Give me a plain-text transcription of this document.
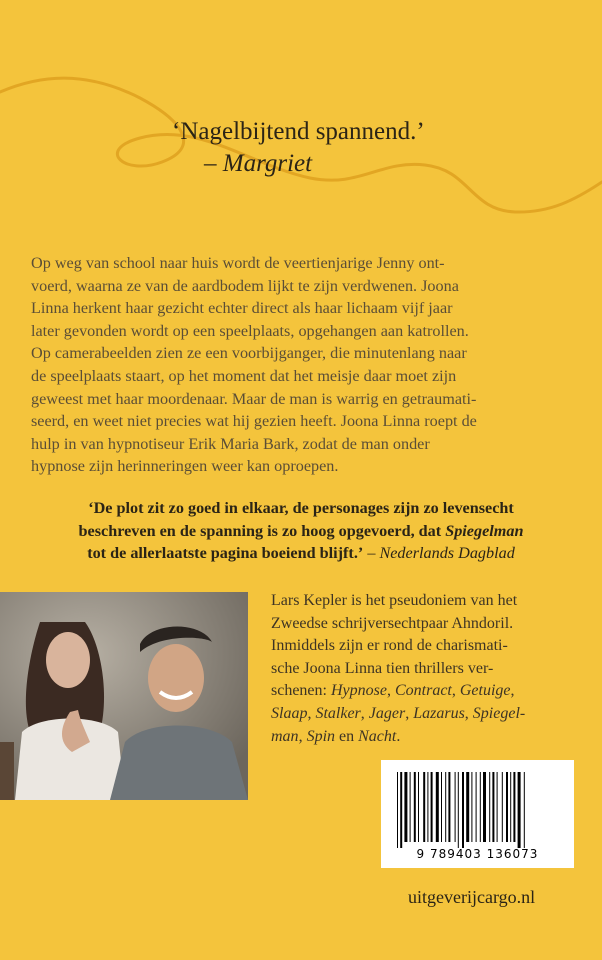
‘Nagelbijtend spannend.’
– Margriet
Op weg van school naar huis wordt de veertienjarige Jenny ont-
voerd, waarna ze van de aardbodem lijkt te zijn verdwenen. Joona
Linna herkent haar gezicht echter direct als haar lichaam vijf jaar
later gevonden wordt op een speelplaats, opgehangen aan katrollen.
Op camerabeelden zien ze een voorbijganger, die minutenlang naar
de speelplaats staart, op het moment dat het meisje daar moet zijn
geweest met haar moordenaar. Maar de man is warrig en getraumati-
seerd, en weet niet precies wat hij gezien heeft. Joona Linna roept de
hulp in van hypnotiseur Erik Maria Bark, zodat de man onder
hypnose zijn herinneringen weer kan oproepen.
‘De plot zit zo goed in elkaar, de personages zijn zo levensecht
beschreven en de spanning is zo hoog opgevoerd, dat Spiegelman
tot de allerlaatste pagina boeiend blijft.’ – Nederlands Dagblad
Lars Kepler is het pseudoniem van het
Zweedse schrijversechtpaar Ahndoril.
Inmiddels zijn er rond de charismati-
sche Joona Linna tien thrillers ver-
schenen: Hypnose, Contract, Getuige,
Slaap, Stalker, Jager, Lazarus, Spiegel-
man, Spin en Nacht.
9 789403 136073
uitgeverijcargo.nl
